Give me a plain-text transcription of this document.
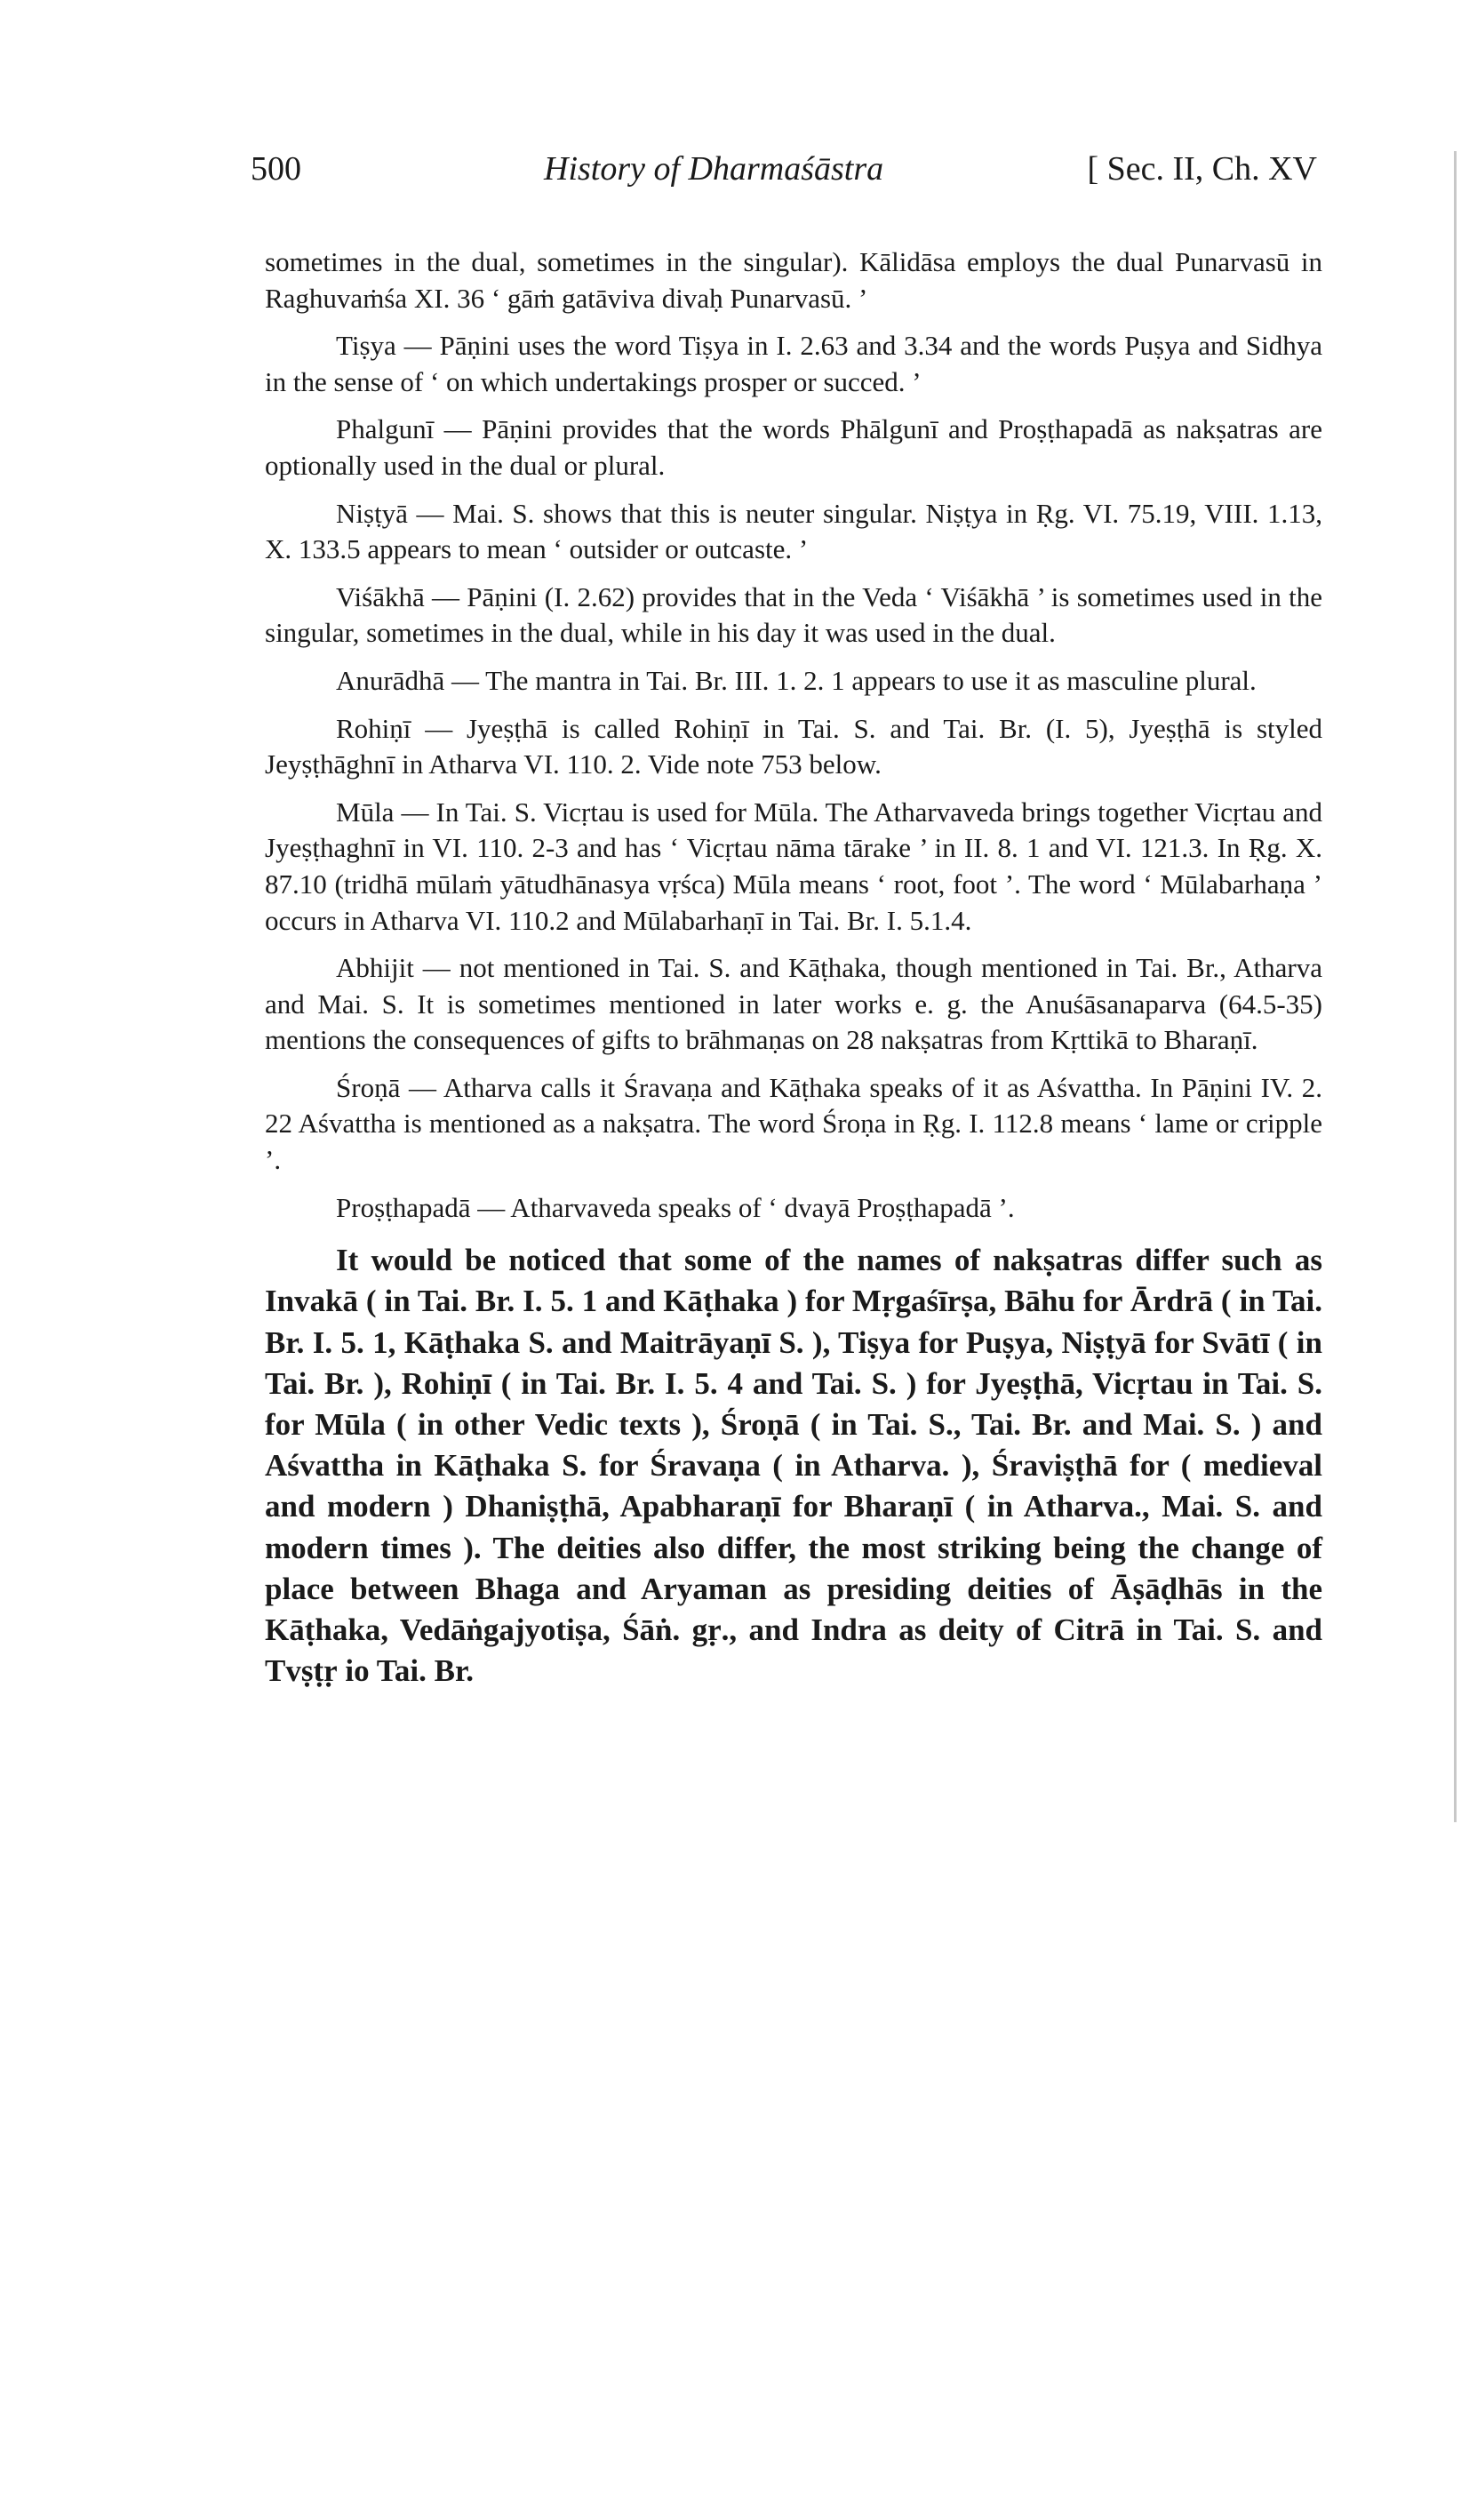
500	History of Dharmaśāstra	[ Sec. II, Ch. XV

sometimes in the dual, sometimes in the singular). Kālidāsa employs the dual Punarvasū in Raghuvaṁśa XI. 36 ‘ gāṁ gatāviva divaḥ Punarvasū. ’

Tiṣya — Pāṇini uses the word Tiṣya in I. 2.63 and 3.34 and the words Puṣya and Sidhya in the sense of ‘ on which undertakings prosper or succed. ’

Phalgunī — Pāṇini provides that the words Phālgunī and Proṣṭhapadā as nakṣatras are optionally used in the dual or plural.

Niṣṭyā — Mai. S. shows that this is neuter singular. Niṣṭya in Ṛg. VI. 75.19, VIII. 1.13, X. 133.5 appears to mean ‘ outsider or outcaste. ’

Viśākhā — Pāṇini (I. 2.62) provides that in the Veda ‘ Viśākhā ’ is sometimes used in the singular, sometimes in the dual, while in his day it was used in the dual.

Anurādhā — The mantra in Tai. Br. III. 1. 2. 1 appears to use it as masculine plural.

Rohiṇī — Jyeṣṭhā is called Rohiṇī in Tai. S. and Tai. Br. (I. 5), Jyeṣṭhā is styled Jeyṣṭhāghnī in Atharva VI. 110. 2. Vide note 753 below.

Mūla — In Tai. S. Vicṛtau is used for Mūla. The Atharvaveda brings together Vicṛtau and Jyeṣṭhaghnī in VI. 110. 2-3 and has ‘ Vicṛtau nāma tārake ’ in II. 8. 1 and VI. 121.3. In Ṛg. X. 87.10 (tridhā mūlaṁ yātudhānasya vṛśca) Mūla means ‘ root, foot ’. The word ‘ Mūlabarhaṇa ’ occurs in Atharva VI. 110.2 and Mūlabarhaṇī in Tai. Br. I. 5.1.4.

Abhijit — not mentioned in Tai. S. and Kāṭhaka, though mentioned in Tai. Br., Atharva and Mai. S. It is sometimes mentioned in later works e. g. the Anuśāsanaparva (64.5-35) mentions the consequences of gifts to brāhmaṇas on 28 nakṣatras from Kṛttikā to Bharaṇī.

Śroṇā — Atharva calls it Śravaṇa and Kāṭhaka speaks of it as Aśvattha. In Pāṇini IV. 2. 22 Aśvattha is mentioned as a nakṣatra. The word Śroṇa in Ṛg. I. 112.8 means ‘ lame or cripple ’.

Proṣṭhapadā — Atharvaveda speaks of ‘ dvayā Proṣṭhapadā ’.

It would be noticed that some of the names of nakṣatras differ such as Invakā ( in Tai. Br. I. 5. 1 and Kāṭhaka ) for Mṛgaśīrṣa, Bāhu for Ārdrā ( in Tai. Br. I. 5. 1, Kāṭhaka S. and Maitrāyaṇī S. ), Tiṣya for Puṣya, Niṣṭyā for Svātī ( in Tai. Br. ), Rohiṇī ( in Tai. Br. I. 5. 4 and Tai. S. ) for Jyeṣṭhā, Vicṛtau in Tai. S. for Mūla ( in other Vedic texts ), Śroṇā ( in Tai. S., Tai. Br. and Mai. S. ) and Aśvattha in Kāṭhaka S. for Śravaṇa ( in Atharva. ), Śraviṣṭhā for ( medieval and modern ) Dhaniṣṭhā, Apabharaṇī for Bharaṇī ( in Atharva., Mai. S. and modern times ). The deities also differ, the most striking being the change of place between Bhaga and Aryaman as presiding deities of Āṣāḍhās in the Kāṭhaka, Vedāṅgajyotiṣa, Śāṅ. gṛ., and Indra as deity of Citrā in Tai. S. and Tvṣṭṛ io Tai. Br.
